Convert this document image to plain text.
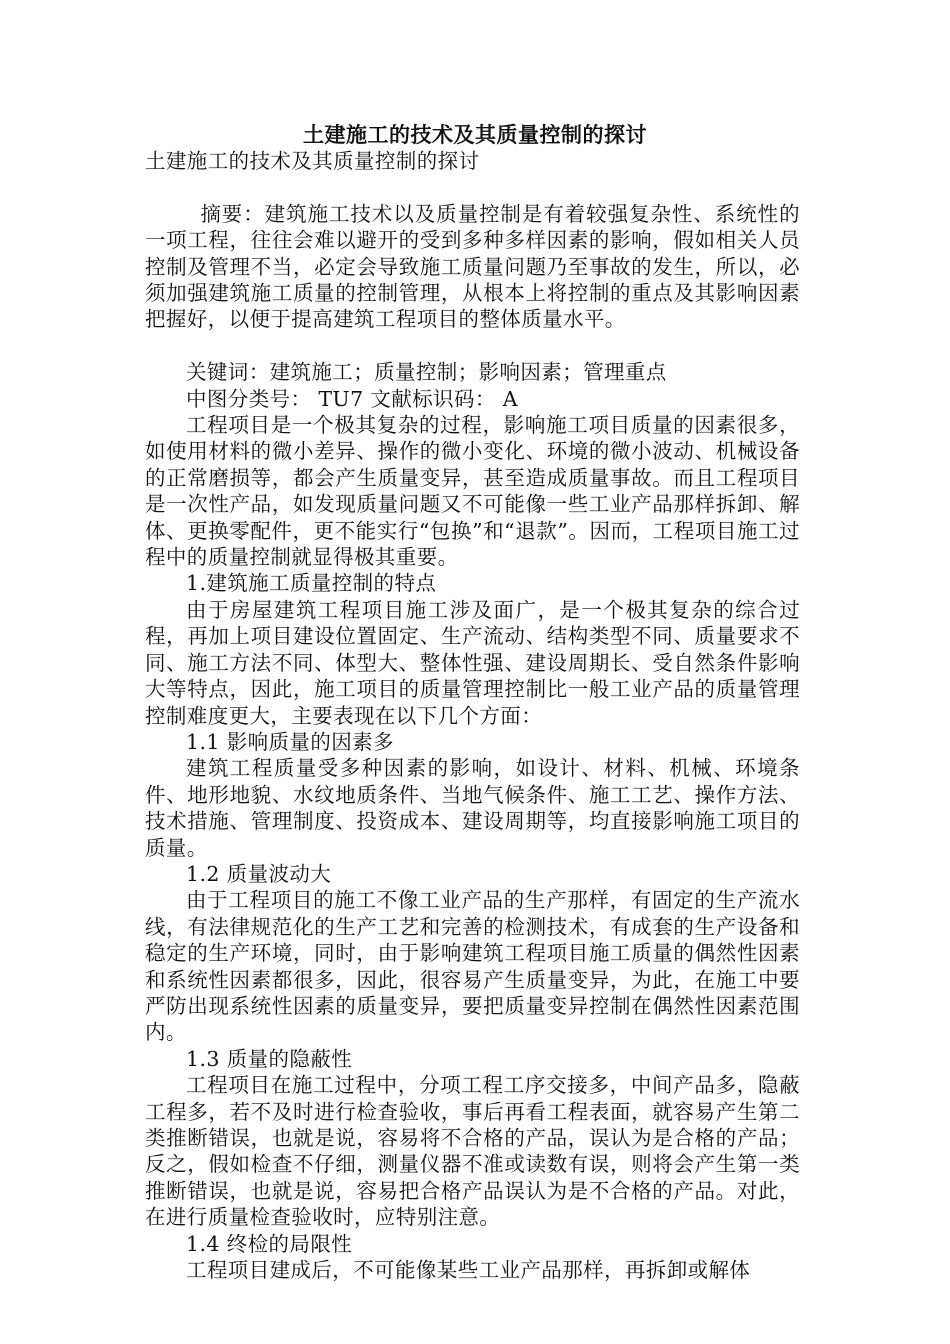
土建施工的技术及其质量控制的探讨

土建施工的技术及其质量控制的探讨

摘要：建筑施工技术以及质量控制是有着较强复杂性、系统性的一项工程，往往会难以避开的受到多种多样因素的影响，假如相关人员控制及管理不当，必定会导致施工质量问题乃至事故的发生，所以，必须加强建筑施工质量的控制管理，从根本上将控制的重点及其影响因素把握好，以便于提高建筑工程项目的整体质量水平。

关键词：建筑施工；质量控制；影响因素；管理重点

中图分类号： TU7 文献标识码： A

工程项目是一个极其复杂的过程，影响施工项目质量的因素很多，如使用材料的微小差异、操作的微小变化、环境的微小波动、机械设备的正常磨损等，都会产生质量变异，甚至造成质量事故。而且工程项目是一次性产品，如发现质量问题又不可能像一些工业产品那样拆卸、解体、更换零配件，更不能实行“包换”和“退款”。因而，工程项目施工过程中的质量控制就显得极其重要。

1.建筑施工质量控制的特点

由于房屋建筑工程项目施工涉及面广，是一个极其复杂的综合过程，再加上项目建设位置固定、生产流动、结构类型不同、质量要求不同、施工方法不同、体型大、整体性强、建设周期长、受自然条件影响大等特点，因此，施工项目的质量管理控制比一般工业产品的质量管理控制难度更大，主要表现在以下几个方面：

1.1 影响质量的因素多

建筑工程质量受多种因素的影响，如设计、材料、机械、环境条件、地形地貌、水纹地质条件、当地气候条件、施工工艺、操作方法、技术措施、管理制度、投资成本、建设周期等，均直接影响施工项目的质量。

1.2 质量波动大

由于工程项目的施工不像工业产品的生产那样，有固定的生产流水线，有法律规范化的生产工艺和完善的检测技术，有成套的生产设备和稳定的生产环境，同时，由于影响建筑工程项目施工质量的偶然性因素和系统性因素都很多，因此，很容易产生质量变异，为此，在施工中要严防出现系统性因素的质量变异，要把质量变异控制在偶然性因素范围内。

1.3 质量的隐蔽性

工程项目在施工过程中，分项工程工序交接多，中间产品多，隐蔽工程多，若不及时进行检查验收，事后再看工程表面，就容易产生第二类推断错误，也就是说，容易将不合格的产品，误认为是合格的产品；反之，假如检查不仔细，测量仪器不准或读数有误，则将会产生第一类推断错误，也就是说，容易把合格产品误认为是不合格的产品。对此，在进行质量检查验收时，应特别注意。

1.4 终检的局限性

工程项目建成后，不可能像某些工业产品那样，再拆卸或解体
